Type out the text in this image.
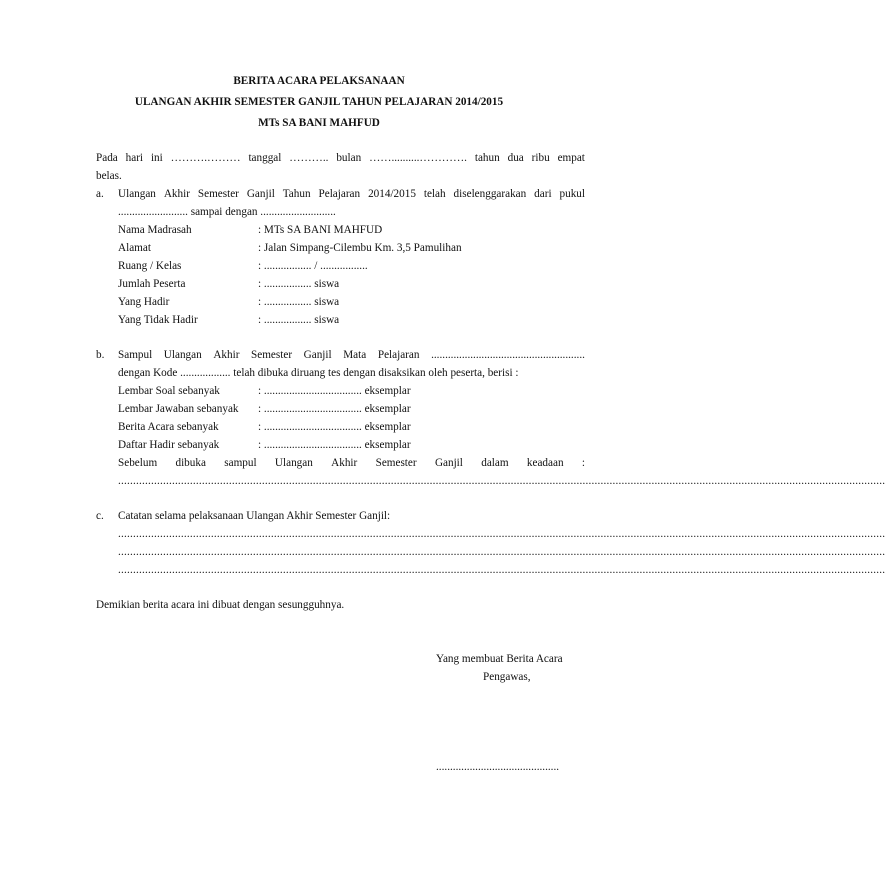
BERITA ACARA PELAKSANAAN
ULANGAN AKHIR SEMESTER GANJIL TAHUN PELAJARAN 2014/2015
MTs SA BANI MAHFUD
Pada hari ini ……….……… tanggal ……….. bulan ……..........…………. tahun dua ribu empat
belas.
a. Ulangan Akhir Semester Ganjil Tahun Pelajaran 2014/2015 telah diselenggarakan dari pukul
......................... sampai dengan ...........................
Nama Madrasah	: MTs SA BANI MAHFUD
Alamat	: Jalan Simpang-Cilembu Km. 3,5 Pamulihan
Ruang / Kelas	: ................. / .................
Jumlah Peserta	: ................. siswa
Yang Hadir	: ................. siswa
Yang Tidak Hadir	: ................. siswa
b. Sampul Ulangan Akhir Semester Ganjil Mata Pelajaran .......................................................
dengan Kode .................. telah dibuka diruang tes dengan disaksikan oleh peserta, berisi :
Lembar Soal sebanyak	: ................................... eksemplar
Lembar Jawaban sebanyak : ................................... eksemplar
Berita Acara sebanyak	: ................................... eksemplar
Daftar Hadir sebanyak	: ................................... eksemplar
Sebelum dibuka sampul Ulangan Akhir Semester Ganjil dalam keadaan :
................................................................................................................................................................................................................................................................
c. Catatan selama pelaksanaan Ulangan Akhir Semester Ganjil:
................................................................................................................................................................................................................................................................
................................................................................................................................................................................................................................................................
................................................................................................................................................................................................................................................................
Demikian berita acara ini dibuat dengan sesungguhnya.
Yang membuat Berita Acara
Pengawas,
............................................
